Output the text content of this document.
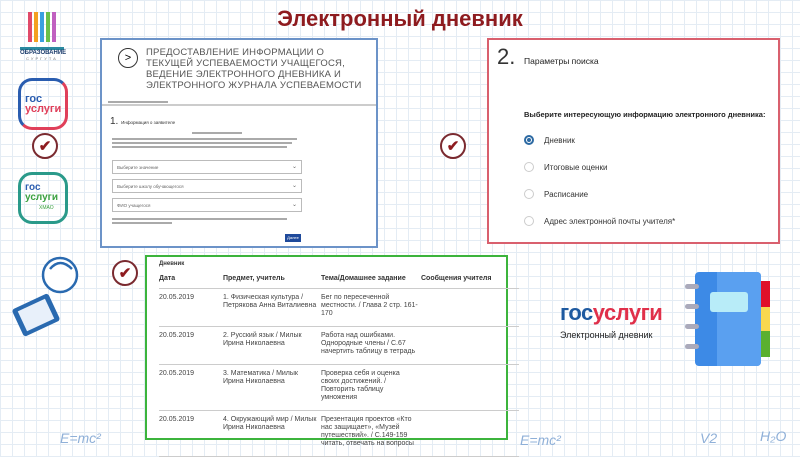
Электронный дневник
ОБРАЗОВАНИЕ
СУРГУТА
гос
услуги
✔
гос
услуги
ХМАО
>	ПРЕДОСТАВЛЕНИЕ ИНФОРМАЦИИ О ТЕКУЩЕЙ УСПЕВАЕМОСТИ УЧАЩЕГОСЯ, ВЕДЕНИЕ ЭЛЕКТРОННОГО ДНЕВНИКА И ЭЛЕКТРОННОГО ЖУРНАЛА УСПЕВАЕМОСТИ
1. Информация о заявителе
Выберите значение	⌄
Выберите школу обучающегося	⌄
ФИО учащегося	⌄
Далее
✔
2. Параметры поиска
Выберите интересующую информацию электронного дневника:
Дневник
Итоговые оценки
Расписание
Адрес электронной почты учителя*
✔
Дневник
Дата	Предмет, учитель	Тема/Домашнее задание	Сообщения учителя
20.05.2019	1. Физическая культура / Петрякова Анна Виталиевна	Бег по пересеченной местности. / Глава 2 стр. 161-170	
20.05.2019	2. Русский язык / Милык Ирина Николаевна	Работа над ошибками. Однородные члены / С.67 начертить таблицу в тетрадь	
20.05.2019	3. Математика / Милык Ирина Николаевна	Проверка себя и оценка своих достижений. / Повторить таблицу умножения	
20.05.2019	4. Окружающий мир / Милык Ирина Николаевна	Презентация проектов «Кто нас защищает», «Музей путешествий». / С.149-159 читать, отвечать на вопросы	
госуслуги
Электронный дневник
E=mc²	H₂O
V2
E=mc²
